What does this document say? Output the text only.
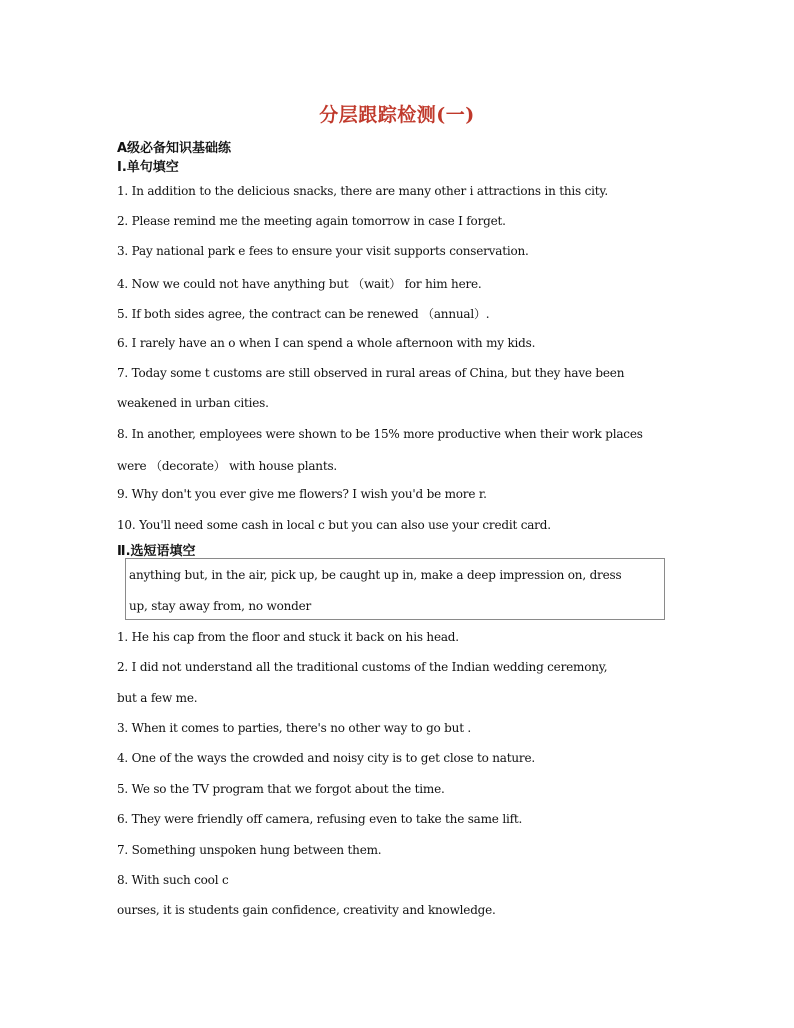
分层跟踪检测(一)
A级必备知识基础练
Ⅰ.单句填空
1. In addition to the delicious snacks, there are many other i attractions in this city.
2. Please remind me the meeting again tomorrow in case I forget.
3. Pay national park e fees to ensure your visit supports conservation.
4. Now we could not have anything but （wait） for him here.
5. If both sides agree, the contract can be renewed （annual）.
6. I rarely have an o when I can spend a whole afternoon with my kids.
7. Today some t customs are still observed in rural areas of China, but they have been
weakened in urban cities.
8. In another, employees were shown to be 15% more productive when their work places
were （decorate） with house plants.
9. Why don't you ever give me flowers? I wish you'd be more r.
10. You'll need some cash in local c but you can also use your credit card.
Ⅱ.选短语填空
anything but, in the air, pick up, be caught up in, make a deep impression on, dress
up, stay away from, no wonder
1. He his cap from the floor and stuck it back on his head.
2. I did not understand all the traditional customs of the Indian wedding ceremony,
but a few me.
3. When it comes to parties, there's no other way to go but .
4. One of the ways the crowded and noisy city is to get close to nature.
5. We so the TV program that we forgot about the time.
6. They were friendly off camera, refusing even to take the same lift.
7. Something unspoken hung between them.
8. With such cool c
ourses, it is students gain confidence, creativity and knowledge.
